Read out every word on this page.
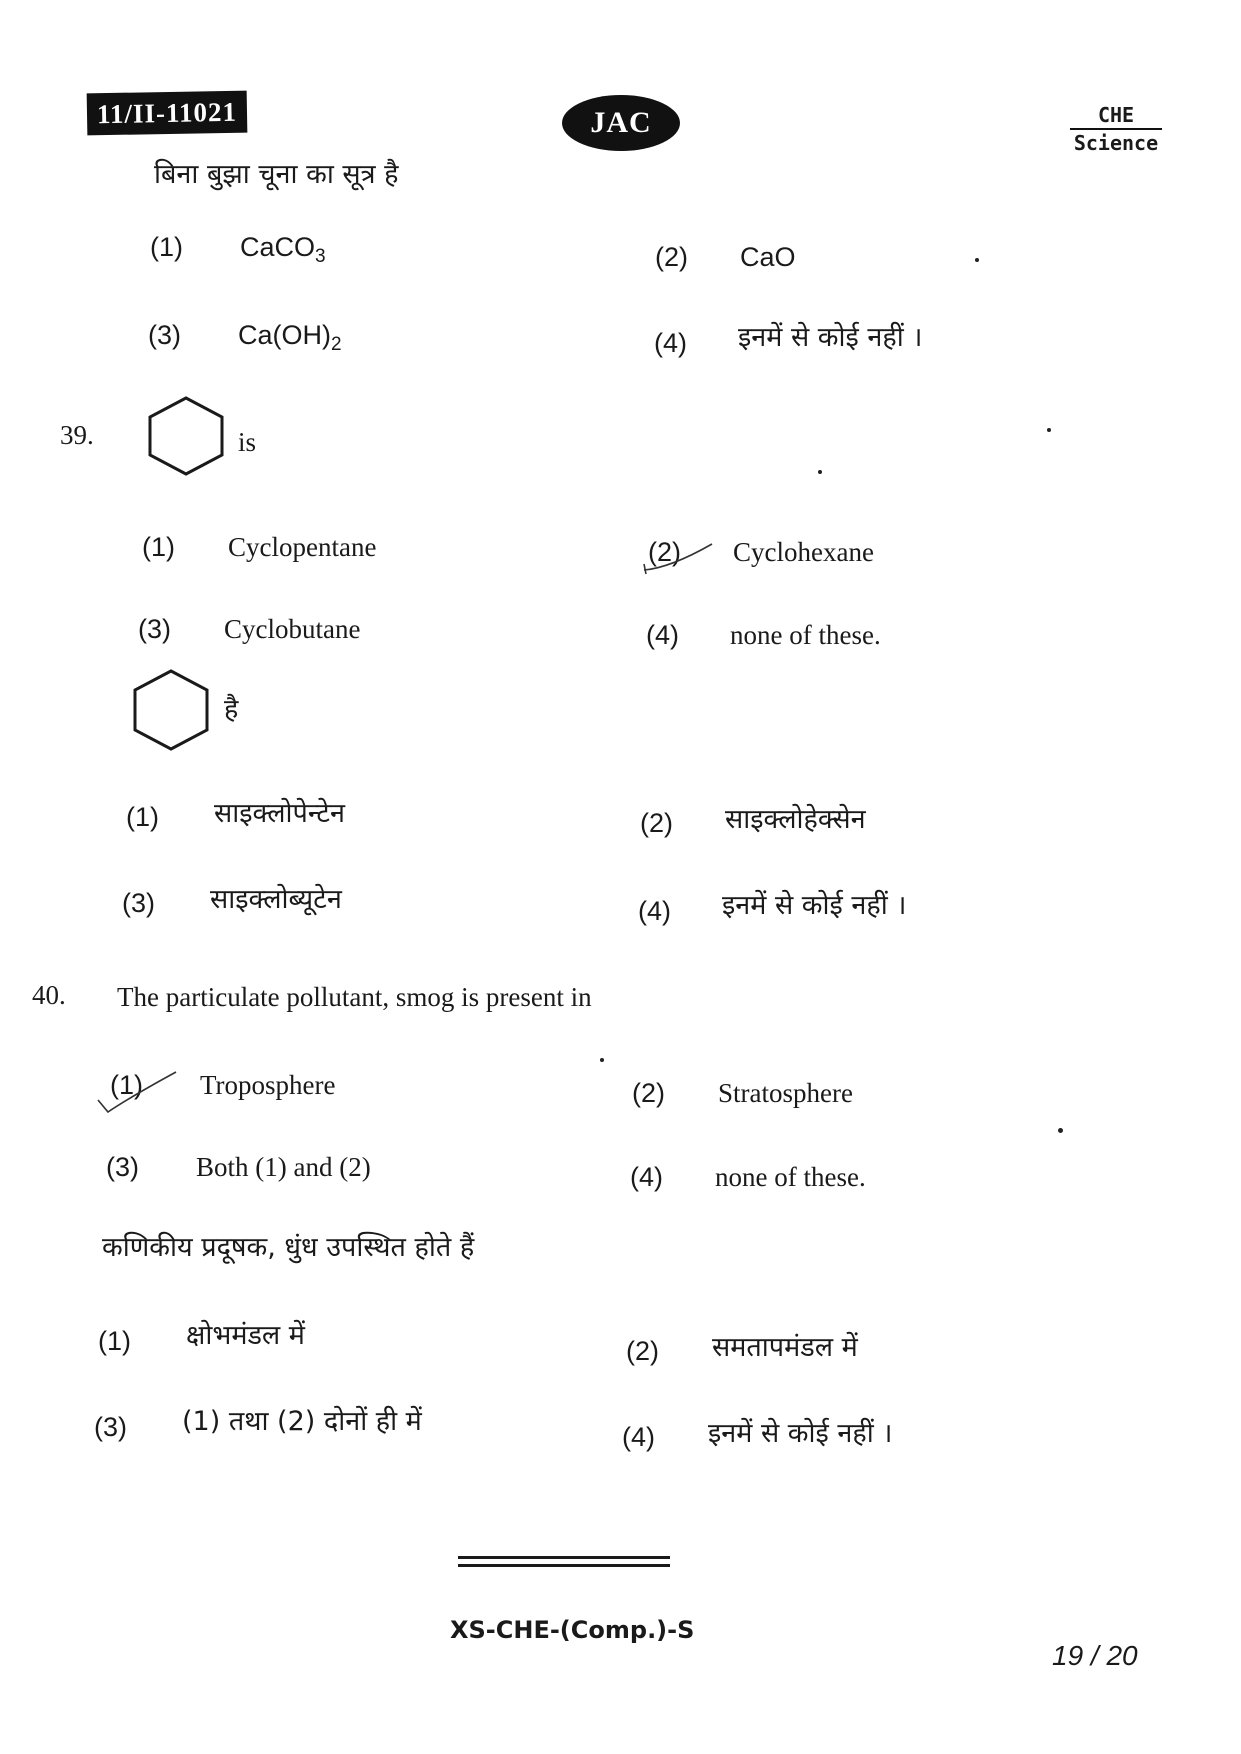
11/II-11021	JAC	CHE
Science
बिना बुझा चूना का सूत्र है
(1) CaCO$_3$	(2) CaO
(3) $Ca(OH)_2$	(4) इनमें से कोई नहीं ।
39.	is
(1) Cyclopentane	(2) Cyclohexane
(3) Cyclobutane	(4) none of these.
है
(1) साइक्लोपेन्टेन	(2) साइक्लोहेक्सेन
(3) साइक्लोब्यूटेन	(4) इनमें से कोई नहीं ।
40. The particulate pollutant, smog is present in
(1) Troposphere	(2) Stratosphere
(3) Both (1) and (2)	(4) none of these.
कणिकीय प्रदूषक, धुंध उपस्थित होते हैं
(1) क्षोभमंडल में	(2) समतापमंडल में
(3) (1) तथा (2) दोनों ही में	(4) इनमें से कोई नहीं ।
XS-CHE-(Comp.)-S
19 / 20
